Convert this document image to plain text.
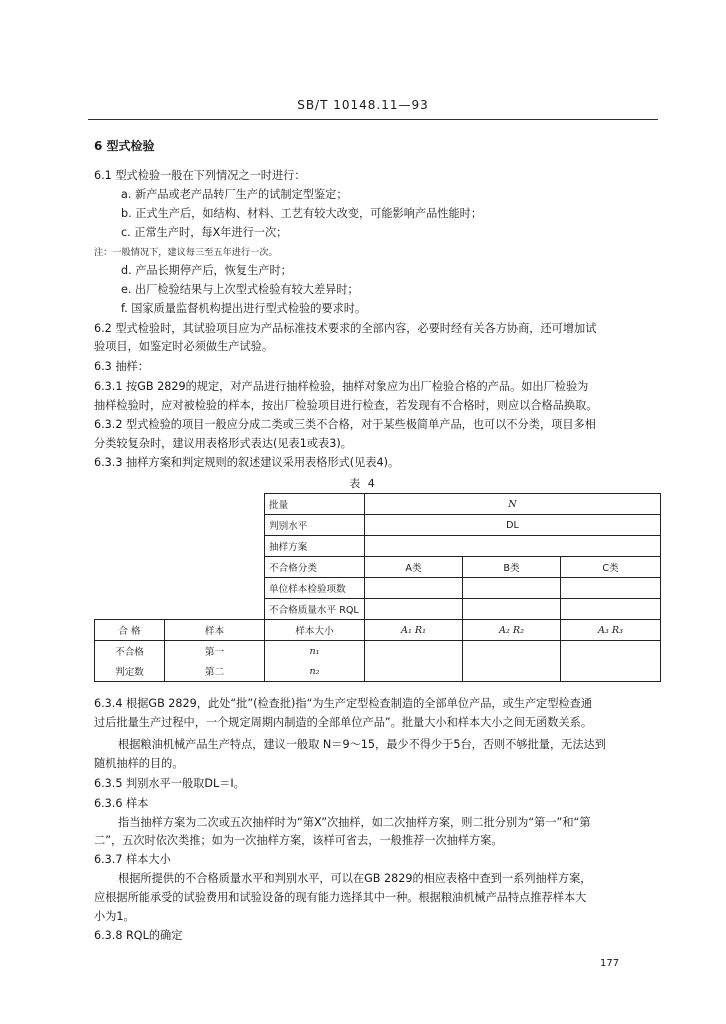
SB/T 10148.11—93
6 型式检验
6.1 型式检验一般在下列情况之一时进行：
a. 新产品或老产品转厂生产的试制定型鉴定；
b. 正式生产后，如结构、材料、工艺有较大改变，可能影响产品性能时；
c. 正常生产时，每X年进行一次；
注：一般情况下，建议每三至五年进行一次。
d. 产品长期停产后，恢复生产时；
e. 出厂检验结果与上次型式检验有较大差异时；
f. 国家质量监督机构提出进行型式检验的要求时。
6.2 型式检验时，其试验项目应为产品标准技术要求的全部内容，必要时经有关各方协商，还可增加试
验项目，如鉴定时必须做生产试验。
6.3 抽样：
6.3.1 按GB 2829的规定，对产品进行抽样检验，抽样对象应为出厂检验合格的产品。如出厂检验为
抽样检验时，应对被检验的样本，按出厂检验项目进行检查，若发现有不合格时，则应以合格品换取。
6.3.2 型式检验的项目一般应分成二类或三类不合格，对于某些极简单产品，也可以不分类，项目多相
分类较复杂时，建议用表格形式表达(见表1或表3)。
6.3.3 抽样方案和判定规则的叙述建议采用表格形式(见表4)。
表 4
		批量	N		
		判别水平	DL		
		抽样方案			
		不合格分类	A类	B类	C类
		单位样本检验项数			
		不合格质量水平 RQL			
合 格	样本	样本大小	A₁ R₁	A₂ R₂	A₃ R₃
不合格	第一	n₁			
判定数	第二	n₂			
6.3.4 根据GB 2829，此处“批”(检查批)指“为生产定型检查制造的全部单位产品，或生产定型检查通
过后批量生产过程中，一个规定周期内制造的全部单位产品”。批量大小和样本大小之间无函数关系。
根据粮油机械产品生产特点，建议一般取 N＝9～15，最少不得少于5台，否则不够批量，无法达到
随机抽样的目的。
6.3.5 判别水平一般取DL＝Ⅰ。
6.3.6 样本
指当抽样方案为二次或五次抽样时为“第X”次抽样，如二次抽样方案，则二批分别为“第一”和“第
二”，五次时依次类推；如为一次抽样方案，该样可省去，一般推荐一次抽样方案。
6.3.7 样本大小
根据所提供的不合格质量水平和判别水平，可以在GB 2829的相应表格中查到一系列抽样方案，
应根据所能承受的试验费用和试验设备的现有能力选择其中一种。根据粮油机械产品特点推荐样本大
小为1。
6.3.8 RQL的确定
177
